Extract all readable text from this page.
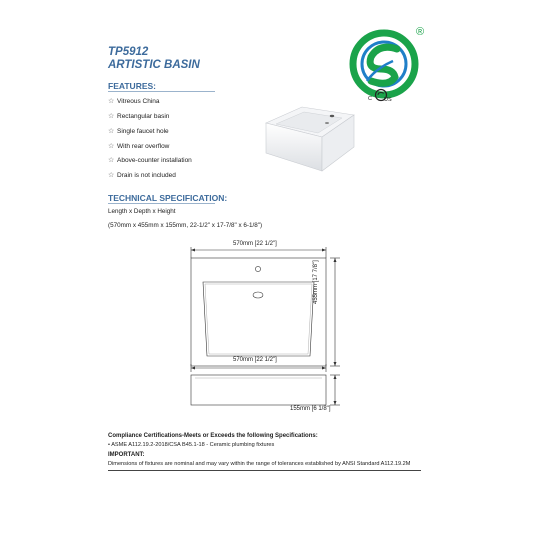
TP5912
ARTISTIC BASIN
®
C US
FEATURES:
☆ Vitreous China
☆ Rectangular basin
☆ Single faucet hole
☆ With rear overflow
☆ Above-counter installation
☆ Drain is not included
TECHNICAL SPECIFICATION:
Length x Depth x Height
(570mm x 455mm x 155mm, 22-1/2" x 17-7/8" x 6-1/8")
570mm [22 1/2"]
455mm [17 7/8"]
570mm [22 1/2"]
155mm [6 1/8"]
Compliance Certifications-Meets or Exceeds the following Specifications:
• ASME A112.19.2-2018/CSA B45.1-18 - Ceramic plumbing fixtures
IMPORTANT:
Dimensions of fixtures are nominal and may vary within the range of tolerances established by ANSI Standard A112.19.2M
